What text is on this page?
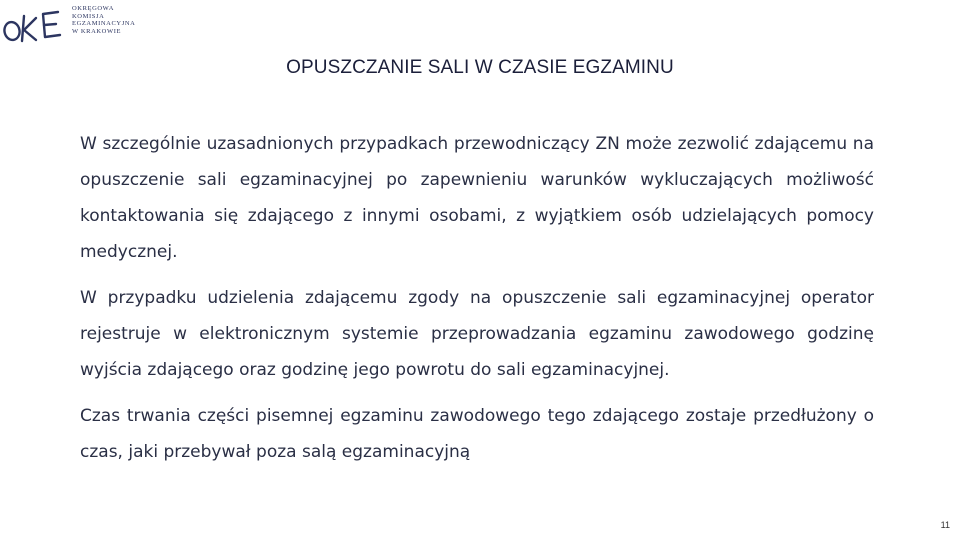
OKRĘGOWA
KOMISJA
EGZAMINACYJNA
W KRAKOWIE
OPUSZCZANIE SALI W CZASIE EGZAMINU

W szczególnie uzasadnionych przypadkach przewodniczący ZN może zezwolić zdającemu na opuszczenie sali egzaminacyjnej po zapewnieniu warunków wykluczających możliwość kontaktowania się zdającego z innymi osobami, z wyjątkiem osób udzielających pomocy medycznej.

W przypadku udzielenia zdającemu zgody na opuszczenie sali egzaminacyjnej operator rejestruje w elektronicznym systemie przeprowadzania egzaminu zawodowego godzinę wyjścia zdającego oraz godzinę jego powrotu do sali egzaminacyjnej.

Czas trwania części pisemnej egzaminu zawodowego tego zdającego zostaje przedłużony o czas, jaki przebywał poza salą egzaminacyjną

11
